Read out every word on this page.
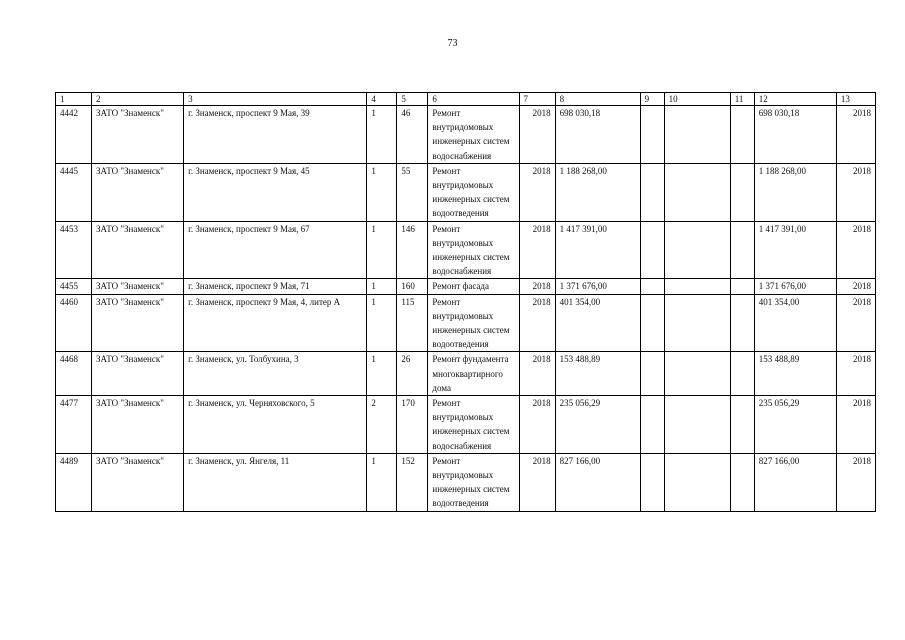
73
1	2	3	4	5	6	7	8	9	10	11	12	13
4442	ЗАТО "Знаменск"	г. Знаменск, проспект 9 Мая, 39	1	46	Ремонт внутридомовых инженерных систем водоснабжения	2018	698 030,18				698 030,18	2018
4445	ЗАТО "Знаменск"	г. Знаменск, проспект 9 Мая, 45	1	55	Ремонт внутридомовых инженерных систем водоотведения	2018	1 188 268,00				1 188 268,00	2018
4453	ЗАТО "Знаменск"	г. Знаменск, проспект 9 Мая, 67	1	146	Ремонт внутридомовых инженерных систем водоснабжения	2018	1 417 391,00				1 417 391,00	2018
4455	ЗАТО "Знаменск"	г. Знаменск, проспект 9 Мая, 71	1	160	Ремонт фасада	2018	1 371 676,00				1 371 676,00	2018
4460	ЗАТО "Знаменск"	г. Знаменск, проспект 9 Мая, 4, литер А	1	115	Ремонт внутридомовых инженерных систем водоотведения	2018	401 354,00				401 354,00	2018
4468	ЗАТО "Знаменск"	г. Знаменск, ул. Толбухина, 3	1	26	Ремонт фундамента многоквартирного дома	2018	153 488,89				153 488,89	2018
4477	ЗАТО "Знаменск"	г. Знаменск, ул. Черняховского, 5	2	170	Ремонт внутридомовых инженерных систем водоснабжения	2018	235 056,29				235 056,29	2018
4489	ЗАТО "Знаменск"	г. Знаменск, ул. Янгеля, 11	1	152	Ремонт внутридомовых инженерных систем водоотведения	2018	827 166,00				827 166,00	2018
